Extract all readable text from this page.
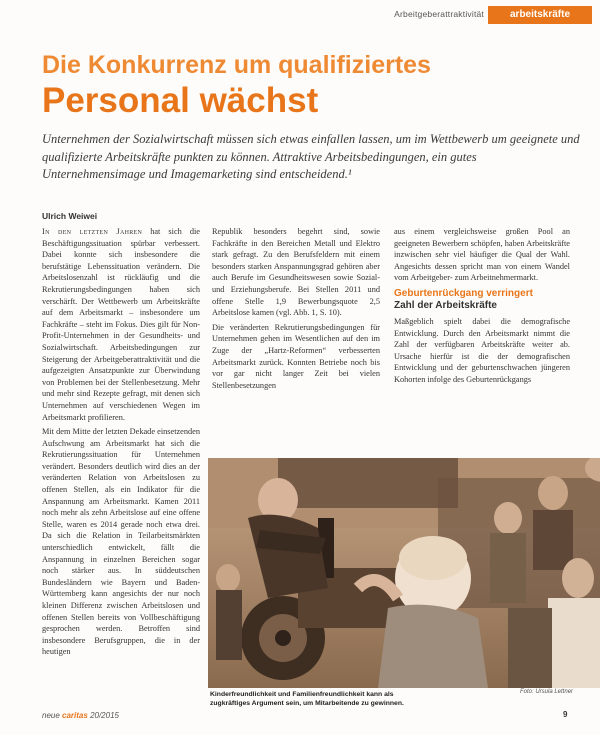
Arbeitgeberattraktivität	arbeitskräfte
Die Konkurrenz um qualifiziertes
Personal wächst

Unternehmen der Sozialwirtschaft müssen sich etwas einfallen lassen, um im Wettbewerb um geeignete und qualifizierte Arbeitskräfte punkten zu können. Attraktive Arbeitsbedingungen, ein gutes Unternehmensimage und Imagemarketing sind entscheidend.¹

Ulrich Weiwei

In den letzten Jahren hat sich die Beschäftigungssituation spürbar verbessert. Dabei konnte sich insbesondere die berufstätige Lebenssituation verändern. Die Arbeitslosenzahl ist rückläufig und die Rekrutierungsbedingungen haben sich verschärft. Der Wettbewerb um Arbeitskräfte auf dem Arbeitsmarkt – insbesondere um Fachkräfte – steht im Fokus. Dies gilt für Non-Profit-Unternehmen in der Gesundheits- und Sozialwirtschaft. Arbeitsbedingungen zur Steigerung der Arbeitgeberattraktivität und die aufgezeigten Ansatzpunkte zur Überwindung von Problemen bei der Stellenbesetzung. Mehr und mehr sind Rezepte gefragt, mit denen sich Unternehmen auf verschiedenen Wegen im Arbeitsmarkt profilieren.

Mit dem Mitte der letzten Dekade einsetzenden Aufschwung am Arbeitsmarkt hat sich die Rekrutierungssituation für Unternehmen verändert. Besonders deutlich wird dies an der veränderten Relation von Arbeitslosen zu offenen Stellen, als ein Indikator für die Anspannung am Arbeitsmarkt. Kamen 2011 noch mehr als zehn Arbeitslose auf eine offene Stelle, waren es 2014 gerade noch etwa drei. Da sich die Relation in Teilarbeitsmärkten unterschiedlich entwickelt, fällt die Anspannung in einzelnen Bereichen sogar noch stärker aus. In süddeutschen Bundesländern wie Bayern und Baden-Württemberg kann angesichts der nur noch kleinen Differenz zwischen Arbeitslosen und offenen Stellen bereits von Vollbeschäftigung gesprochen werden. Betroffen sind insbesondere Berufsgruppen, die in der heutigen

Republik besonders begehrt sind, sowie Fachkräfte in den Bereichen Metall und Elektro stark gefragt. Zu den Berufsfeldern mit einem besonders starken Anspannungsgrad gehören aber auch Berufe im Gesundheitswesen sowie Sozial- und Erziehungsberufe. Bei Stellen 2011 und offene Stelle 1,9 Bewerbungsquote 2,5 Arbeitslose kamen (vgl. Abb. 1, S. 10).

Die veränderten Rekrutierungsbedingungen für Unternehmen gehen im Wesentlichen auf den im Zuge der „Hartz-Reformen“ verbesserten Arbeitsmarkt zurück. Konnten Betriebe noch bis vor gar nicht langer Zeit bei vielen Stellenbesetzungen

aus einem vergleichsweise großen Pool an geeigneten Bewerbern schöpfen, haben Arbeitskräfte inzwischen sehr viel häufiger die Qual der Wahl. Angesichts dessen spricht man von einem Wandel vom Arbeitgeber- zum Arbeitnehmermarkt.

Geburtenrückgang verringert
Zahl der Arbeitskräfte

Maßgeblich spielt dabei die demografische Entwicklung. Durch den Arbeitsmarkt nimmt die Zahl der verfügbaren Arbeitskräfte weiter ab. Ursache hierfür ist die der demografischen Entwicklung und der geburtenschwachen jüngeren Kohorten infolge des Geburtenrückgangs

Foto: Ursula Lettner

Kinderfreundlichkeit und Familienfreundlichkeit kann als zugkräftiges Argument sein, um Mitarbeitende zu gewinnen.

neue caritas 20/2015	9
